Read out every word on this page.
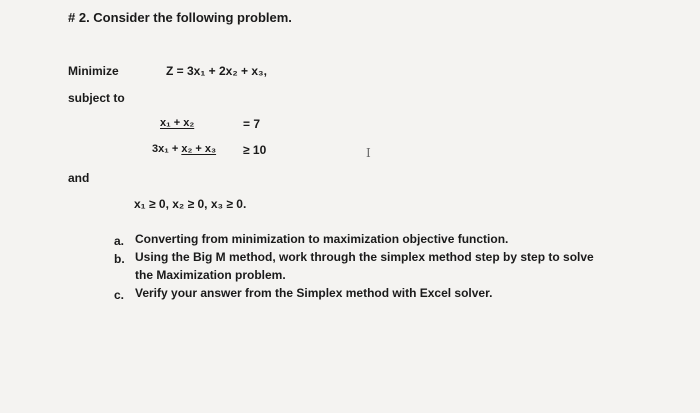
# 2. Consider the following problem.
Minimize	Z = 3x₁ + 2x₂ + x₃,
subject to
x₁ + x₂	= 7
3x₁ + x₂ + x₃ ≥ 10
and
x₁ ≥ 0, x₂ ≥ 0, x₃ ≥ 0.
a. Converting from minimization to maximization objective function.
b. Using the Big M method, work through the simplex method step by step to solve the Maximization problem.
c. Verify your answer from the Simplex method with Excel solver.
I
